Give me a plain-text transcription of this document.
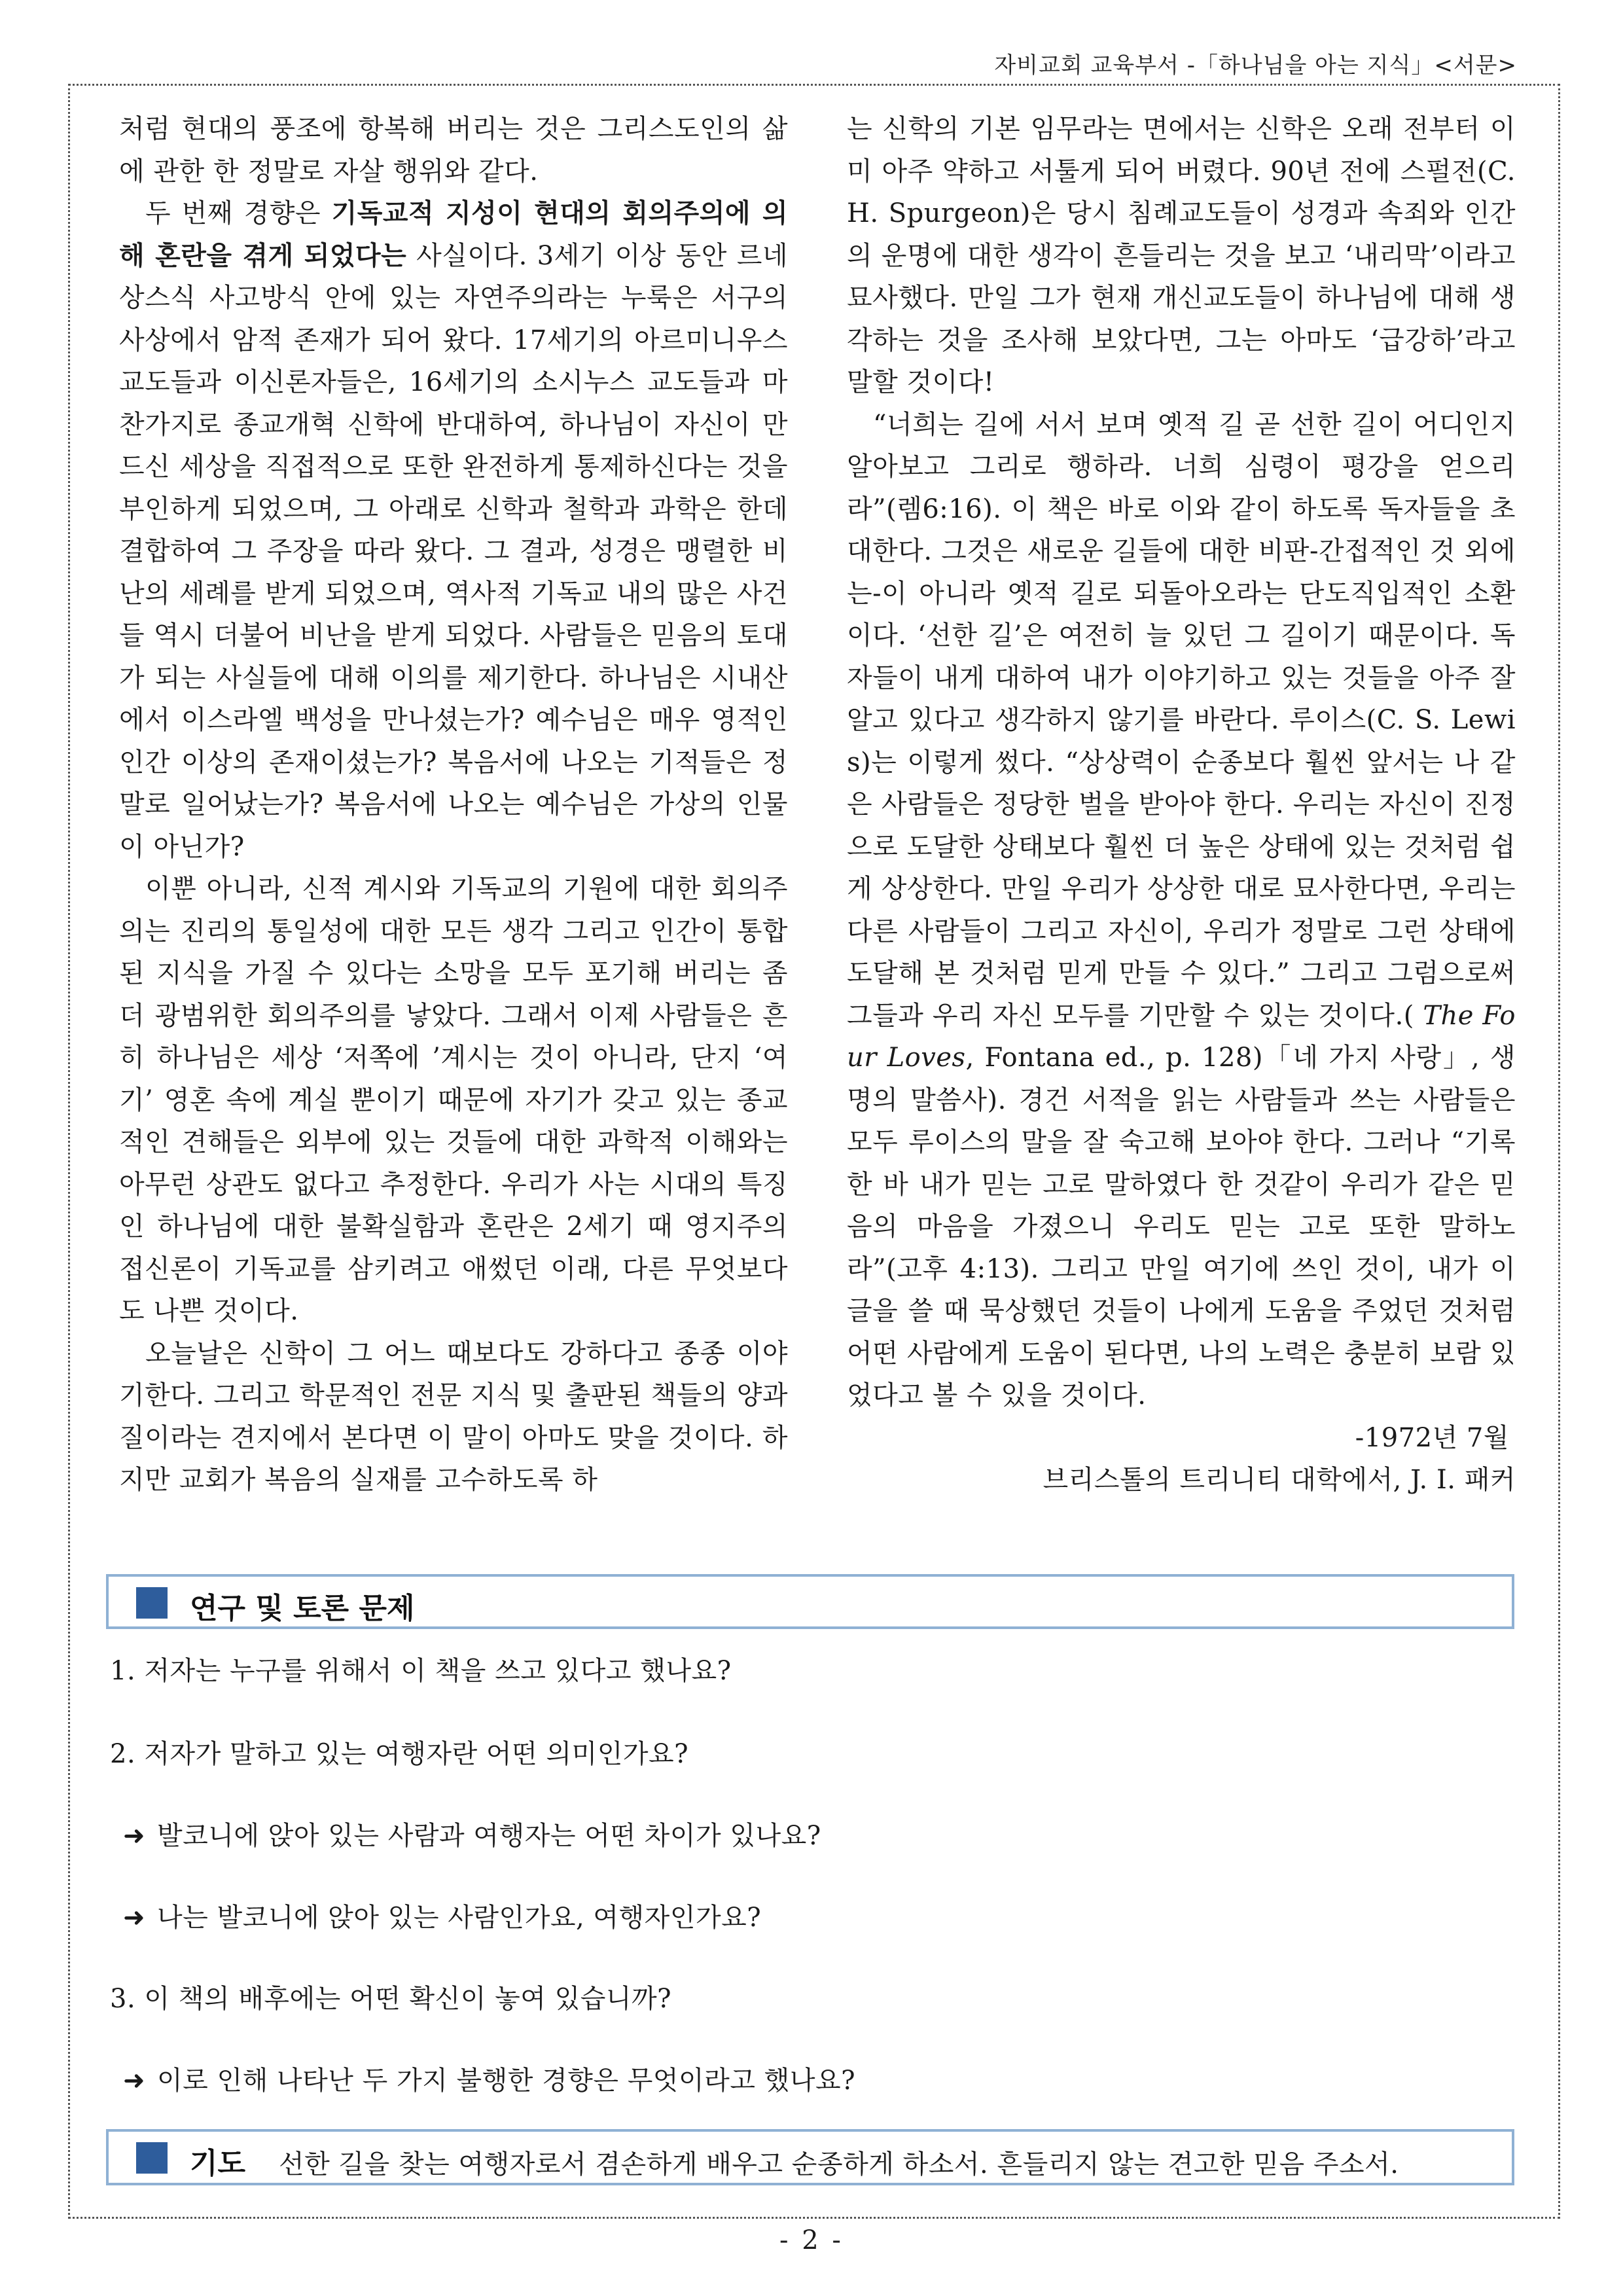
자비교회 교육부서 -「하나님을 아는 지식」<서문>

처럼 현대의 풍조에 항복해 버리는 것은 그리스도인의 삶에 관한 한 정말로 자살 행위와 같다.

두 번째 경향은 기독교적 지성이 현대의 회의주의에 의해 혼란을 겪게 되었다는 사실이다. 3세기 이상 동안 르네상스식 사고방식 안에 있는 자연주의라는 누룩은 서구의 사상에서 암적 존재가 되어 왔다. 17세기의 아르미니우스 교도들과 이신론자들은, 16세기의 소시누스 교도들과 마찬가지로 종교개혁 신학에 반대하여, 하나님이 자신이 만드신 세상을 직접적으로 또한 완전하게 통제하신다는 것을 부인하게 되었으며, 그 아래로 신학과 철학과 과학은 한데 결합하여 그 주장을 따라 왔다. 그 결과, 성경은 맹렬한 비난의 세례를 받게 되었으며, 역사적 기독교 내의 많은 사건들 역시 더불어 비난을 받게 되었다. 사람들은 믿음의 토대가 되는 사실들에 대해 이의를 제기한다. 하나님은 시내산에서 이스라엘 백성을 만나셨는가? 예수님은 매우 영적인 인간 이상의 존재이셨는가? 복음서에 나오는 기적들은 정말로 일어났는가? 복음서에 나오는 예수님은 가상의 인물이 아닌가?

이뿐 아니라, 신적 계시와 기독교의 기원에 대한 회의주의는 진리의 통일성에 대한 모든 생각 그리고 인간이 통합된 지식을 가질 수 있다는 소망을 모두 포기해 버리는 좀 더 광범위한 회의주의를 낳았다. 그래서 이제 사람들은 흔히 하나님은 세상 ‘저쪽에 ’계시는 것이 아니라, 단지 ‘여기’ 영혼 속에 계실 뿐이기 때문에 자기가 갖고 있는 종교적인 견해들은 외부에 있는 것들에 대한 과학적 이해와는 아무런 상관도 없다고 추정한다. 우리가 사는 시대의 특징인 하나님에 대한 불확실함과 혼란은 2세기 때 영지주의 접신론이 기독교를 삼키려고 애썼던 이래, 다른 무엇보다도 나쁜 것이다.

오늘날은 신학이 그 어느 때보다도 강하다고 종종 이야기한다. 그리고 학문적인 전문 지식 및 출판된 책들의 양과 질이라는 견지에서 본다면 이 말이 아마도 맞을 것이다. 하지만 교회가 복음의 실재를 고수하도록 하

는 신학의 기본 임무라는 면에서는 신학은 오래 전부터 이미 아주 약하고 서툴게 되어 버렸다. 90년 전에 스펄전(C. H. Spurgeon)은 당시 침례교도들이 성경과 속죄와 인간의 운명에 대한 생각이 흔들리는 것을 보고 ‘내리막’이라고 묘사했다. 만일 그가 현재 개신교도들이 하나님에 대해 생각하는 것을 조사해 보았다면, 그는 아마도 ‘급강하’라고 말할 것이다!

“너희는 길에 서서 보며 옛적 길 곧 선한 길이 어디인지 알아보고 그리로 행하라. 너희 심령이 평강을 얻으리라”(렘6:16). 이 책은 바로 이와 같이 하도록 독자들을 초대한다. 그것은 새로운 길들에 대한 비판-간접적인 것 외에는-이 아니라 옛적 길로 되돌아오라는 단도직입적인 소환이다. ‘선한 길’은 여전히 늘 있던 그 길이기 때문이다. 독자들이 내게 대하여 내가 이야기하고 있는 것들을 아주 잘 알고 있다고 생각하지 않기를 바란다. 루이스(C. S. Lewis)는 이렇게 썼다. “상상력이 순종보다 훨씬 앞서는 나 같은 사람들은 정당한 벌을 받아야 한다. 우리는 자신이 진정으로 도달한 상태보다 훨씬 더 높은 상태에 있는 것처럼 쉽게 상상한다. 만일 우리가 상상한 대로 묘사한다면, 우리는 다른 사람들이 그리고 자신이, 우리가 정말로 그런 상태에 도달해 본 것처럼 믿게 만들 수 있다.” 그리고 그럼으로써 그들과 우리 자신 모두를 기만할 수 있는 것이다.( The Four Loves, Fontana ed., p. 128)「네 가지 사랑」, 생명의 말씀사). 경건 서적을 읽는 사람들과 쓰는 사람들은 모두 루이스의 말을 잘 숙고해 보아야 한다. 그러나 “기록한 바 내가 믿는 고로 말하였다 한 것같이 우리가 같은 믿음의 마음을 가졌으니 우리도 믿는 고로 또한 말하노라”(고후 4:13). 그리고 만일 여기에 쓰인 것이, 내가 이 글을 쓸 때 묵상했던 것들이 나에게 도움을 주었던 것처럼 어떤 사람에게 도움이 된다면, 나의 노력은 충분히 보람 있었다고 볼 수 있을 것이다.

-1972년 7월

브리스톨의 트리니티 대학에서, J. I. 패커

연구 및 토론 문제
1. 저자는 누구를 위해서 이 책을 쓰고 있다고 했나요?
2. 저자가 말하고 있는 여행자란 어떤 의미인가요?
➜ 발코니에 앉아 있는 사람과 여행자는 어떤 차이가 있나요?
➜ 나는 발코니에 앉아 있는 사람인가요, 여행자인가요?
3. 이 책의 배후에는 어떤 확신이 놓여 있습니까?
➜ 이로 인해 나타난 두 가지 불행한 경향은 무엇이라고 했나요?
기도 선한 길을 찾는 여행자로서 겸손하게 배우고 순종하게 하소서. 흔들리지 않는 견고한 믿음 주소서.
- 2 -
